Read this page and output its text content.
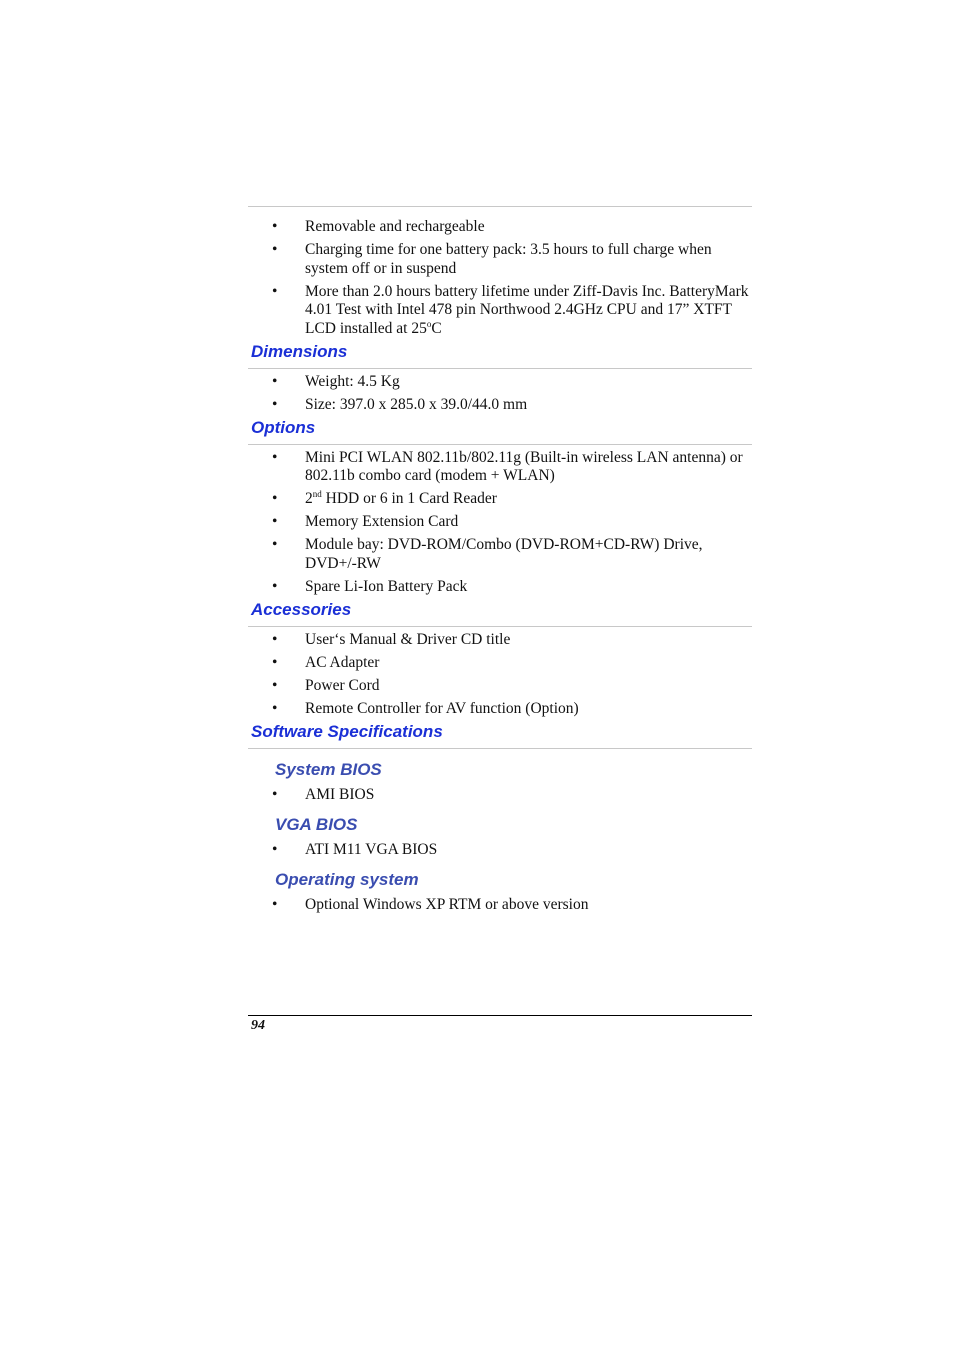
• Removable and rechargeable
• Charging time for one battery pack: 3.5 hours to full charge when system off or in suspend
• More than 2.0 hours battery lifetime under Ziff-Davis Inc. BatteryMark 4.01 Test with Intel 478 pin Northwood 2.4GHz CPU and 17” XTFT LCD installed at 25$^o$C
Dimensions
• Weight: 4.5 Kg
• Size: 397.0 x 285.0 x 39.0/44.0 mm
Options
• Mini PCI WLAN 802.11b/802.11g (Built-in wireless LAN antenna) or 802.11b combo card (modem + WLAN)
• 2nd HDD or 6 in 1 Card Reader
• Memory Extension Card
• Module bay: DVD-ROM/Combo (DVD-ROM+CD-RW) Drive, DVD+/-RW
• Spare Li-Ion Battery Pack
Accessories
• User‘s Manual & Driver CD title
• AC Adapter
• Power Cord
• Remote Controller for AV function (Option)
Software Specifications
System BIOS
• AMI BIOS
VGA BIOS
• ATI M11 VGA BIOS
Operating system
• Optional Windows XP RTM or above version
94
